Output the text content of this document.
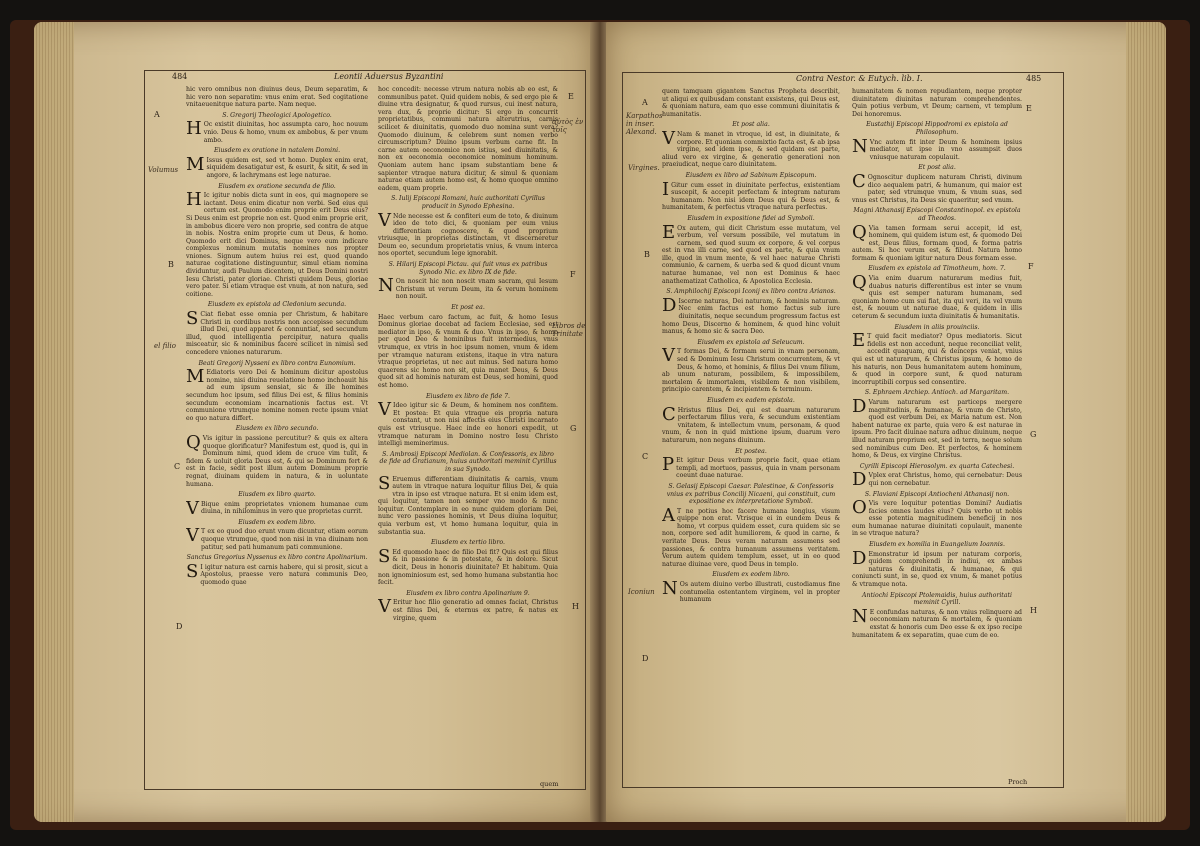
484	Leontii Aduersus Byzantini
A
B
C
D
E
F
G
H
Volumus
αὐτὸς ἐν τοῖς
Libros de Trinitate
el filio

hic vero omnibus non diuinus deus, Deum separatim, & hic vero non separatim: vnus enim erat. Sed cogitatione vnitaeuenitque natura parte. Nam neque.

S. Gregorij Theologici Apologetico.

H Oc existit diuinitas, hoc assumpta caro, hoc nouum vnio. Deus & homo, vnum ex ambobus, & per vnum ambo.

Eiusdem ex oratione in natalem Domini.

M Issus quidem est, sed vt homo. Duplex enim erat, siquidem desatigatur est, & esurit, & sitit, & sed in angore, & lachrymans est lege naturae.

Eiusdem ex oratione secunda de filio.

H Ic igitur nobis dicta sunt in eos, qui magnopere se iactant. Deus enim dicatur non verbi. Sed eius qui certum est. Quomodo enim proprie erit Deus eius? Si Deus enim est proprie non est. Quod enim proprie erit, in ambobus dicere vero non proprie, sed contra de atque in nobis. Nostra enim proprie cum ut Deus, & homo. Quomodo erit dici Dominus, neque vero eum indicare complexus nominum mutatis nomines nos propter vniones. Signum autem huius rei est, quod quando naturae cogitatione distinguuntur, simul etiam nomina dividuntur, audi Paulum dicentem, ut Deus Domini nostri Iesu Christi, pater gloriae. Christi quidem Deus, gloriae vero pater. Si etiam vtraque est vnum, at non natura, sed coitione.

Eiusdem ex epistola ad Cledonium secunda.

S Ciat fiebat esse omnia per Christum, & habitare Christi in cordibus nostris non accepisse secundum illud Dei, quod apparet & connuntiat, sed secundum illud, quod intelligentia percipitur, natura qualis misceatur, sic & nominibus facere scilicet in nimisi sed concedere vniones naturarum.

Beati Gregorij Nysseni ex libro contra Eunomium.

M Ediatoris vero Dei & hominum dicitur apostolus nomine, nisi diuina reuelatione homo inchoauit his ad eum ipsum sensiat, sic & ille homines secundum hoc ipsum, sed filius Dei est, & filius hominis secundum economiam incarnationis factus est. Vt communione vtrumque nomine nomen recte ipsum vniat eo quo natura differt.

Eiusdem ex libro secundo.

Q Vis igitur in passione percutitur? & quis ex altera quoque glorificatur? Manifestum est, quod is, qui in Dominum nimi, quod idem de cruce vim tulit, & fidem & uoluit gloria Deus est, & qui se Dominum fert & est in facie, sedit post illum autem Dominum proprie regnat, diuinam quidem in natura, & in uoluntate humana.

Eiusdem ex libro quarto.

V Bique enim proprietates vnionem humanae cum diuina, in nihilominus in vero que proprietas currit.

Eiusdem ex eodem libro.

V T ex eo quod duo erunt vnum dicuntur, etiam eorum quoque vtrumque, quod non nisi in vna diuinam non patitur, sed pati humanum pati communione.

Sanctus Gregorius Nyssenus ex libro contra Apolinarium.

S I igitur natura est carnis habere, qui si prosit, sicut a Apostolus, praesse vero natura communis Deo, quomodo quae

hoc concedit: necesse vtrum natura nobis ab eo est, & communibus patet. Quid quidem nobis, & sed ergo pie & diuine vtra designatur, & quod rursus, cui inest natura, vera dux, & proprie dicitur: Si ergo in concurrit proprietatibus, communi natura alterutrius, carnis scilicet & diuinitatis, quomodo duo nomina sunt vera? Quomodo diuinum, & celebrem sunt nomen verbo circumscriptum? Diuino ipsum verbum carne fit. In carne autem oeconomice non istius, sed diuinitatis, & non ex oeconomia oeconomice nominum hominum. Quoniam autem hanc ipsam substantiam bene & sapienter vtraque natura dicitur, & simul & quoniam naturae etiam autem homo est, & homo quoque omnino eadem, quam proprie.

S. Iulij Episcopi Romani, huic authoritati Cyrillus producit in Synodo Ephesina.

V Nde necesse est & confiteri eum de toto, & diuinum ideo de toto dici, & quoniam per eum vnius differentiam cognoscere, & quod proprium vtriusque, in proprietas distinctam, vt discerneretur Deum eo, secundum proprietatis vnius, & vnum interca nos oportet, secundum lege ignorabit.

S. Hilarij Episcopi Pictau. qui fuit vnus ex patribus Synodo Nic. ex libro IX de fide.

N On noscit hic non noscit vnam sacram, qui Iesum Christum ut verum Deum, ita & verum hominem non nouit.

Et post ea.

Haec verbum caro factum, ac fuit, & homo Iesus Dominus gloriae docebat ad faciem Ecclesiae, sed est mediator in ipso, & vnum & duo. Vnus in ipso, & homo per quod Deo & hominibus fuit intermedius, vnus vtrumque, ex vtris in hoc ipsum nomen, vnum & idem per vtramque naturam existens, itaque in vtra natura vtraque proprietas, ut nec aut minus. Sed natura homo quaerens sic homo non sit, quia manet Deus, & Deus quod sit ad hominis naturam est Deus, sed homini, quod est homo.

Eiusdem ex libro de fide 7.

V Ideo igitur sic & Deum, & hominem nos confitem. Et postea: Et quia vtraque eis propria natura constant, ut non nisi affectis eius Christi incarnato quis est vtriusque. Haec inde eo honori expedit, ut vtramque naturam in Domino nostro Iesu Christo intelligi meminerimus.

S. Ambrosij Episcopi Mediolan. & Confessoris, ex libro de fide ad Gratianum, huius authoritati meminit Cyrillus in sua Synodo.

S Eruemus differentiam diuinitatis & carnis, vnum autem in vtraque natura loquitur filius Dei, & quia vtra in ipso est vtraque natura. Et si enim idem est, qui loquitur, tamen non semper vno modo & nunc loquitur. Contemplare in eo nunc quidem gloriam Dei, nunc vero passiones hominis, vt Deus diuina loquitur, quia verbum est, vt homo humana loquitur, quia in substantia sua.

Eiusdem ex tertio libro.

S Ed quomodo haec de filio Dei fit? Quis est qui filius & in passione & in potestate, & in dolore. Sicut dicit, Deus in honoris diuinitate? Et habitum. Quia non ignominiosum est, sed homo humana substantia hoc fecit.

Eiusdem ex libro contra Apolinarium 9.

V Eritur hoc filio generatio ad omnes faciat, Christus est filius Dei, & eternus ex patre, & natus ex virgine, quem

quem
Contra Nestor. & Eutych. lib. I.	485
A
B
C
D
E
F
G
H
Karpathos in inser. Alexand.
Virgines.
Iconiun

quem tamquam gigantem Sanctus Propheta describit, ut aliqui ex quibusdam constant exsistens, qui Deus est, & quoniam natura, eam quo esse communi diuinitatis & humanitatis.

Et post alia.

V Nam & manet in vtroque, id est, in diuinitate, & corpore. Et quoniam commixtio facta est, & ab ipsa virgine, sed idem ipse, & sed quidam est parte, aliud vero ex virgine, & generatio generationi non praeiudicat, neque caro diuinitatem.

Eiusdem ex libro ad Sabinum Episcopum.

I Gitur cum esset in diuinitate perfectus, existentiam suscepit, & accepit perfectam & integram naturam humanam. Non nisi idem Deus qui & Deus est, & humanitatem, & perfectus vtraque natura perfectus.

Eiusdem in expositione fidei ad Symboli.

E Ox autem, qui dicit Christum esse mutatum, vel verbum, vel versum possibile, vel mutatum in carnem, sed quod suum ex corpore, & vel corpus est in vna illi carne, sed quod ex parte, & quia vnum ille, quod in vnum mente, & vel haec naturae Christi communio, & carnem, & uerba sed & quod dicunt vnum naturae humanae, vel non est Dominus & haec anathematizat Catholica, & Apostolica Ecclesia.

S. Amphilochij Episcopi Iconij ex libro contra Arianos.

D Iscerne naturas, Dei naturam, & hominis naturam. Nec enim factus est homo factus sub iure diuinitatis, neque secundum progressum factus est homo Deus, Discerno & hominem, & quod hinc voluit manus, & homo sic & sacra Deo.

Eiusdem ex epistola ad Seleucum.

V T formas Dei, & formam serui in vnam personam, sed & Dominum Iesu Christum concurrentem, & vt Deus, & homo, et hominis, & filius Dei vnum filium, ab unum naturam, possibilem, & impossibilem, mortalem & immortalem, visibilem & non visibilem, principio carentem, & incipientem & terminum.

Eiusdem ex eadem epistola.

C Hristus filius Dei, qui est duarum naturarum perfectarum filius vera, & secundum existentiam vnitatem, & intellectum vnum, personam, & quod vnum, & non in quid mixtione ipsum, duarum vero naturarum, non negans diuinum.

Et postea.

P Et igitur Deus verbum proprie facit, quae etiam templi, ad mortuos, passus, quia in vnam personam coeunt duae naturae.

S. Gelasij Episcopi Caesar. Palestinae, & Confessoris vnius ex patribus Concilij Nicaeni, qui constituit, cum expositione ex interpretatione Symboli.

A T ne potius hoc facere humana longius, visum quippe non erat. Vtrisque ei in eundem Deus & homo, vt corpus quidem esset, cura quidem sic se non, corpore sed adit humiliorem, & quod in carne, & veritate Deus. Deus veram naturam assumens sed passiones, & contra humanum assumens veritatem. Verum autem quidem templum, esset, ut in eo quod naturae diuinae vere, quod Deus in templo.

Eiusdem ex eodem libro.

N Os autem diuino verbo illustrati, custodiamus fine contumelia ostentantem virginem, vel in propter humanum

humanitatem & nomen repudiantem, neque propter diuinitatem diuinitas naturam comprehendentes. Quin potius verbum, vt Deum; carnem, vt templum Dei honoremus.

Eustathij Episcopi Hippodromi ex epistola ad Philosophum.

N Vnc autem fit inter Deum & hominem ipsius mediator, ut ipse in vno assumpsit duos vniusque naturam copulauit.

Et post alia.

C Ognoscitur duplicem naturam Christi, divinum dico aequalem patri, & humanum, qui maior est pater, sed vtrumque vnum, & vnum suas, sed vnus est Christus, ita Deus sic quaeritur, sed vnum.

Magni Athanasij Episcopi Constantinopol. ex epistola ad Theodos.

Q Via tamen formam serui accepit, id est, hominem, qui quidem istum est, & quomodo Dei est, Deus filius, formam quod, & forma patris autem. Si hoc verum est, & filiud. Natura homo formam & quoniam igitur natura Deus formam esse.

Eiusdem ex epistola ad Timotheum, hom. 7.

Q Via enim duarum naturarum medius fuit, duabus naturis differentibus est inter se vnum quis est semper naturam humanam, sed quoniam homo cum sui fiat, ita qui veri, ita vel vnum est, & nouum ut naturae duae, & quidem in illis ceterum & secundum iuxta diuinitatis & humanitatis.

Eiusdem in aliis prouinciis.

E T quid facit mediator? Opus mediatoris. Sicut fidelis est non accedunt, neque reconciliat velit, accedit quaquam, qui & deinceps veniat, vnius qui est ut naturarum, & Christus ipsum, & homo de his naturis, non Deus humanitatem autem hominum, & quod in corpore sunt, & quod naturam incorruptibili corpus sed consentire.

S. Ephraem Archiep. Antioch. ad Margaritam.

D Varum naturarum est particeps mergere magnitudinis, & humanae, & vnum de Christo, quod est verbum Dei, ex Maria natum est. Non habent naturae ex parte, quia vero & est naturae in ipsum. Pro facit diuinae natura adhuc diuinum, neque illud naturam proprium est, sed in terra, neque solum sed nominibus cum Deo. Et perfectos, & hominem homo, & Deus, ex virgine Christus.

Cyrilli Episcopi Hierosolym. ex quarta Catechesi.

D Vplex erat Christus, homo, qui cernebatur: Deus qui non cernebatur.

S. Flaviani Episcopi Antiocheni Athanasij non.

O Vis vere loquitur potentias Domini? Audiatis facies omnes laudes eius? Quis verbo ut nobis esse potentia magnitudinem beneficij in nos eum humanae naturae diuinitati copulauit, manente in se vtraque natura?

Eiusdem ex homilia in Euangelium Ioannis.

D Emonstratur id ipsum per naturam corporis, quidem comprehendi in indiui, ex ambas naturas & diuinitatis, & humanae, & qui coniuncti sunt, in se, quod ex vnum, & manet potius & vtramque nota.

Antiochi Episcopi Ptolemaidis, huius authoritati meminit Cyrill.

N E confundas naturas, & non vnius relinquere ad oeconomiam naturam & mortalem, & quoniam exstat & honoris cum Deo esse & ex ipso recipe humanitatem & ex separatim, quae cum de eo.

Proch
